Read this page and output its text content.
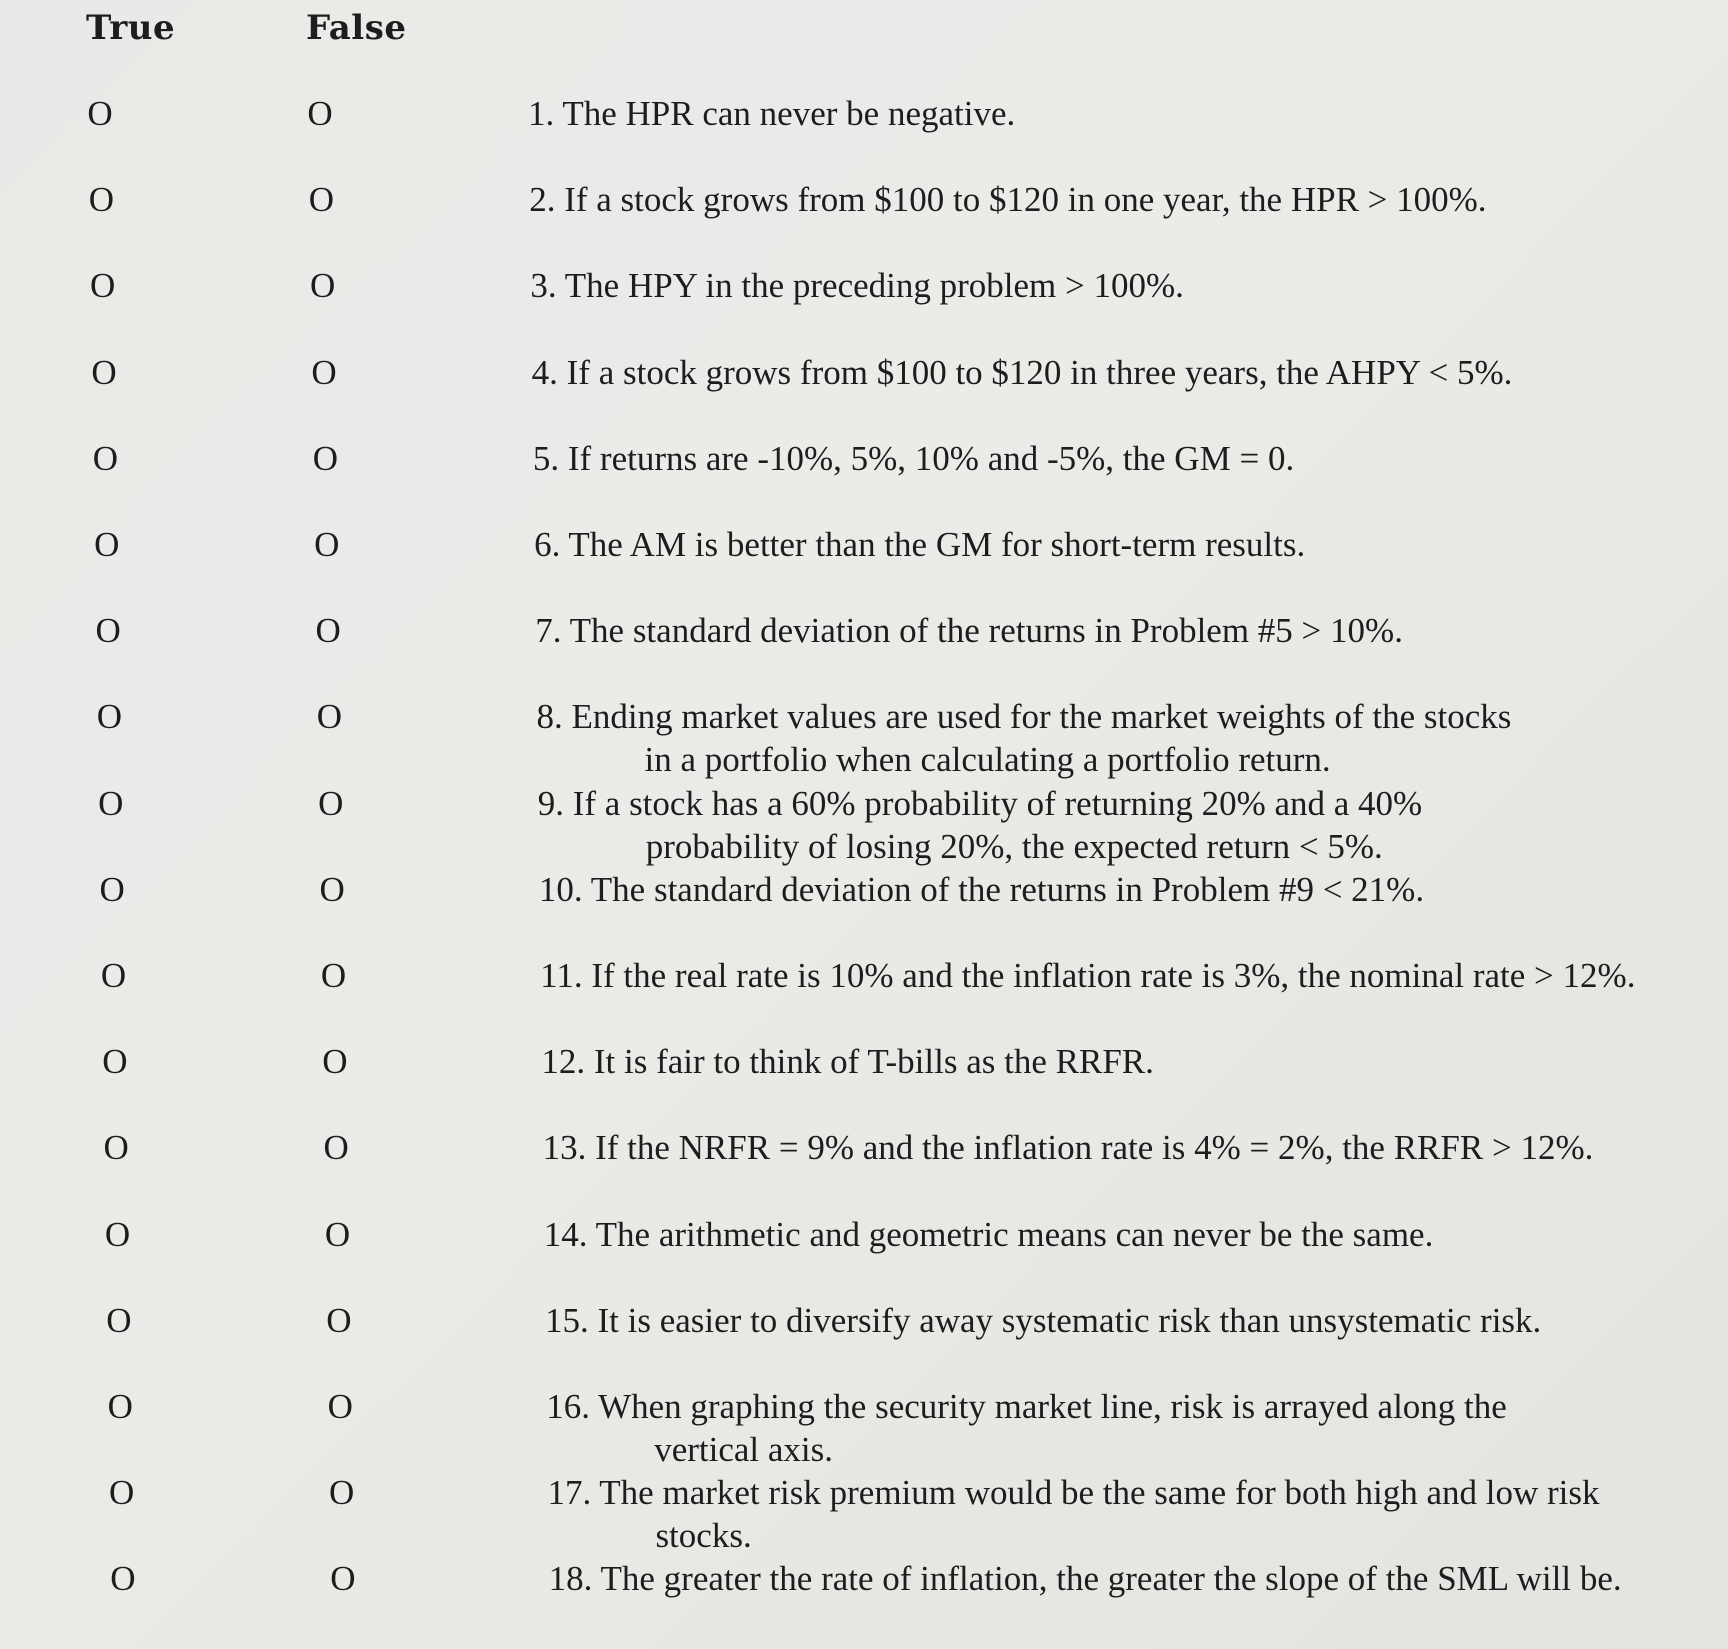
True	False
O	O	1. The HPR can never be negative.
O	O	2. If a stock grows from $100 to $120 in one year, the HPR > 100%.
O	O	3. The HPY in the preceding problem > 100%.
O	O	4. If a stock grows from $100 to $120 in three years, the AHPY < 5%.
O	O	5. If returns are -10%, 5%, 10% and -5%, the GM = 0.
O	O	6. The AM is better than the GM for short-term results.
O	O	7. The standard deviation of the returns in Problem #5 > 10%.
O	O	8. Ending market values are used for the market weights of the stocks
in a portfolio when calculating a portfolio return.
O	O	9. If a stock has a 60% probability of returning 20% and a 40%
probability of losing 20%, the expected return < 5%.
O	O	10. The standard deviation of the returns in Problem #9 < 21%.
O	O	11. If the real rate is 10% and the inflation rate is 3%, the nominal rate > 12%.
O	O	12. It is fair to think of T-bills as the RRFR.
O	O	13. If the NRFR = 9% and the inflation rate is 4% = 2%, the RRFR > 12%.
O	O	14. The arithmetic and geometric means can never be the same.
O	O	15. It is easier to diversify away systematic risk than unsystematic risk.
O	O	16. When graphing the security market line, risk is arrayed along the
vertical axis.
O	O	17. The market risk premium would be the same for both high and low risk
stocks.
O	O	18. The greater the rate of inflation, the greater the slope of the SML will be.
